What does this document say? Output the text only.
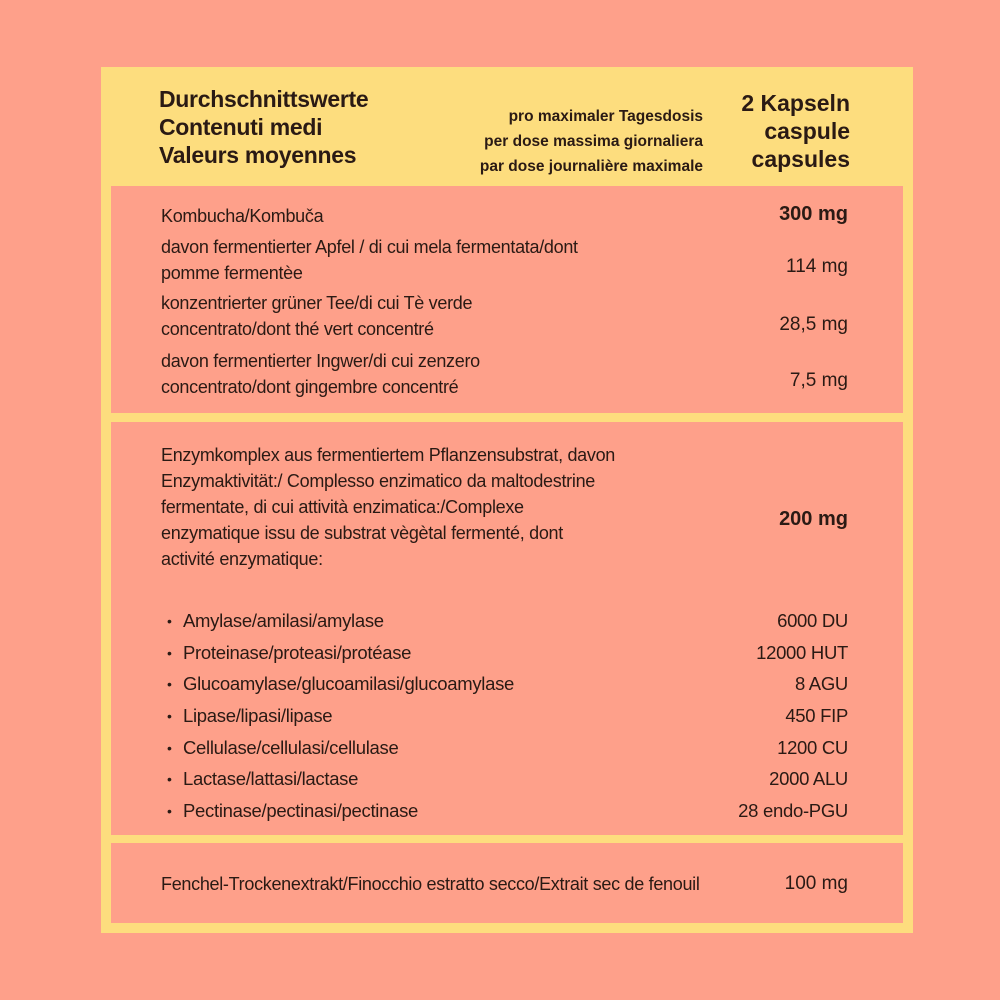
Durchschnittswerte
Contenuti medi
Valeurs moyennes
pro maximaler Tagesdosis
per dose massima giornaliera
par dose journalière maximale
2 Kapseln
caspule
capsules
Kombucha/Kombuča	300 mg
davon fermentierter Apfel / di cui mela fermentata/dont pomme fermentèe	114 mg
konzentrierter grüner Tee/di cui Tè verde concentrato/dont thé vert concentré	28,5 mg
davon fermentierter Ingwer/di cui zenzero concentrato/dont gingembre concentré	7,5 mg
Enzymkomplex aus fermentiertem Pflanzensubstrat, davon Enzymaktivität:/ Complesso enzimatico da maltodestrine fermentate, di cui attività enzimatica:/Complexe enzymatique issu de substrat vègètal fermenté, dont activité enzymatique:
200 mg
• Amylase/amilasi/amylase	6000 DU
• Proteinase/proteasi/protéase	12000 HUT
• Glucoamylase/glucoamilasi/glucoamylase	8 AGU
• Lipase/lipasi/lipase	450 FIP
• Cellulase/cellulasi/cellulase	1200 CU
• Lactase/lattasi/lactase	2000 ALU
• Pectinase/pectinasi/pectinase	28 endo-PGU
Fenchel-Trockenextrakt/Finocchio estratto secco/Extrait sec de fenouil	100 mg
